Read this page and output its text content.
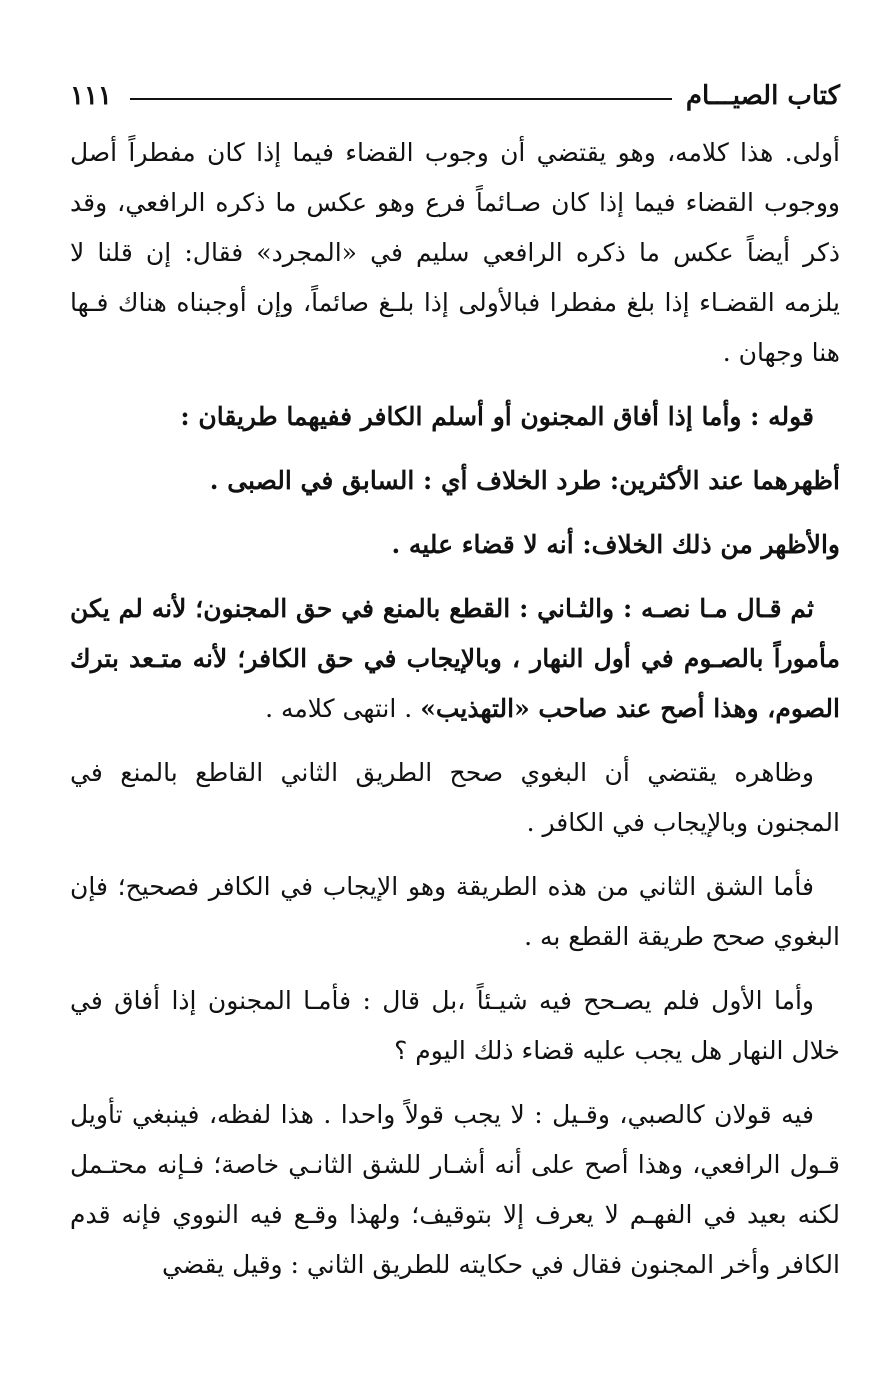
كتاب الصيـــام
١١١
أولى. هذا كلامه، وهو يقتضي أن وجوب القضاء فيما إذا كان مفطراً أصل ووجوب القضاء فيما إذا كان صـائماً فرع وهو عكس ما ذكره الرافعي، وقد ذكر أيضاً عكس ما ذكره الرافعي سليم في «المجرد» فقال: إن قلنا لا يلزمه القضـاء إذا بلغ مفطرا فبالأولى إذا بلـغ صائماً، وإن أوجبناه هناك فـها هنا وجهان .
قوله : وأما إذا أفاق المجنون أو أسلم الكافر ففيهما طريقان :
أظهرهما عند الأكثرين: طرد الخلاف أي : السابق في الصبى .
والأظهر من ذلك الخلاف: أنه لا قضاء عليه .
ثم قـال مـا نصـه : والثـاني : القطع بالمنع في حق المجنون؛ لأنه لم يكن مأموراً بالصـوم في أول النهار ، وبالإيجاب في حق الكافر؛ لأنه متـعد بترك الصوم، وهذا أصح عند صاحب «التهذيب» . انتهى كلامه .
وظاهره يقتضي أن البغوي صحح الطريق الثاني القاطع بالمنع في المجنون وبالإيجاب في الكافر .
فأما الشق الثاني من هذه الطريقة وهو الإيجاب في الكافر فصحيح؛ فإن البغوي صحح طريقة القطع به .
وأما الأول فلم يصـحح فيه شيـئاً ،بل قال : فأمـا المجنون إذا أفاق في خلال النهار هل يجب عليه قضاء ذلك اليوم ؟
فيه قولان كالصبي، وقـيل : لا يجب قولاً واحدا . هذا لفظه، فينبغي تأويل قـول الرافعي، وهذا أصح على أنه أشـار للشق الثانـي خاصة؛ فـإنه محتـمل لكنه بعيد في الفهـم لا يعرف إلا بتوقيف؛ ولهذا وقـع فيه النووي فإنه قدم الكافر وأخر المجنون فقال في حكايته للطريق الثاني : وقيل يقضي
